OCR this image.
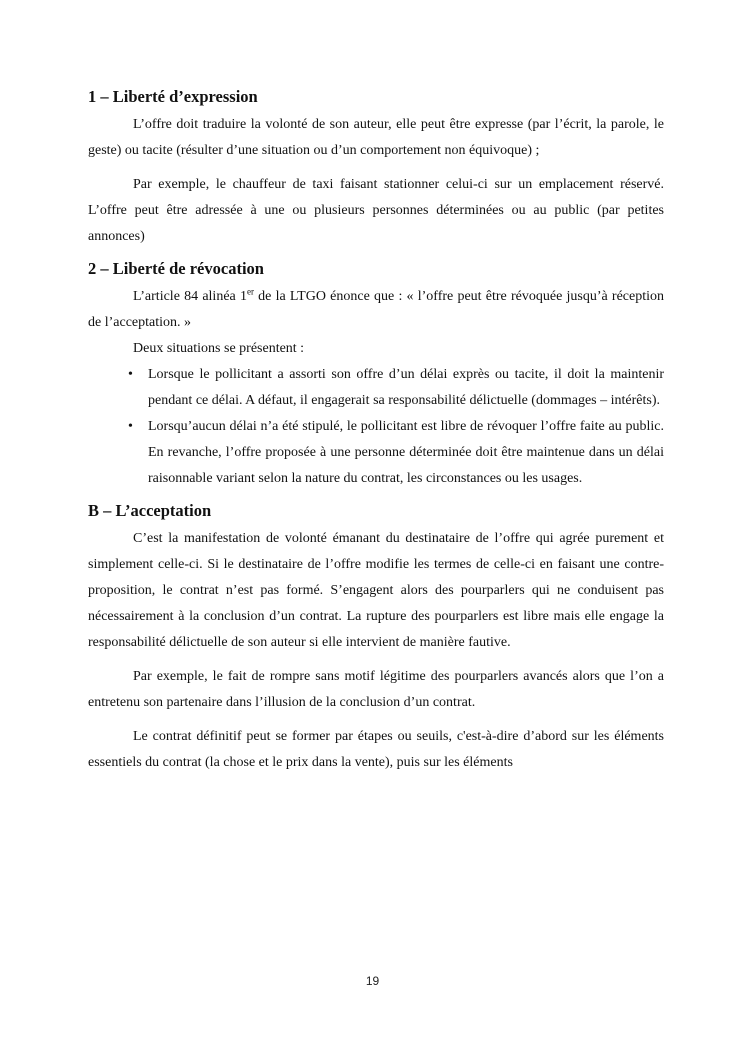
1 – Liberté d’expression

L’offre doit traduire la volonté de son auteur, elle peut être expresse (par l’écrit, la parole, le geste) ou tacite (résulter d’une situation ou d’un comportement non équivoque) ;

Par exemple, le chauffeur de taxi faisant stationner celui-ci sur un emplacement réservé. L’offre peut être adressée à une ou plusieurs personnes déterminées ou au public (par petites annonces)

2 – Liberté de révocation

L’article 84 alinéa 1er de la LTGO énonce que : « l’offre peut être révoquée jusqu’à réception de l’acceptation. »

Deux situations se présentent :

• Lorsque le pollicitant a assorti son offre d’un délai exprès ou tacite, il doit la maintenir pendant ce délai. A défaut, il engagerait sa responsabilité délictuelle (dommages – intérêts).
• Lorsqu’aucun délai n’a été stipulé, le pollicitant est libre de révoquer l’offre faite au public. En revanche, l’offre proposée à une personne déterminée doit être maintenue dans un délai raisonnable variant selon la nature du contrat, les circonstances ou les usages.
B – L’acceptation

C’est la manifestation de volonté émanant du destinataire de l’offre qui agrée purement et simplement celle-ci. Si le destinataire de l’offre modifie les termes de celle-ci en faisant une contre-proposition, le contrat n’est pas formé. S’engagent alors des pourparlers qui ne conduisent pas nécessairement à la conclusion d’un contrat. La rupture des pourparlers est libre mais elle engage la responsabilité délictuelle de son auteur si elle intervient de manière fautive.

Par exemple, le fait de rompre sans motif légitime des pourparlers avancés alors que l’on a entretenu son partenaire dans l’illusion de la conclusion d’un contrat.

Le contrat définitif peut se former par étapes ou seuils, c'est-à-dire d’abord sur les éléments essentiels du contrat (la chose et le prix dans la vente), puis sur les éléments

19
